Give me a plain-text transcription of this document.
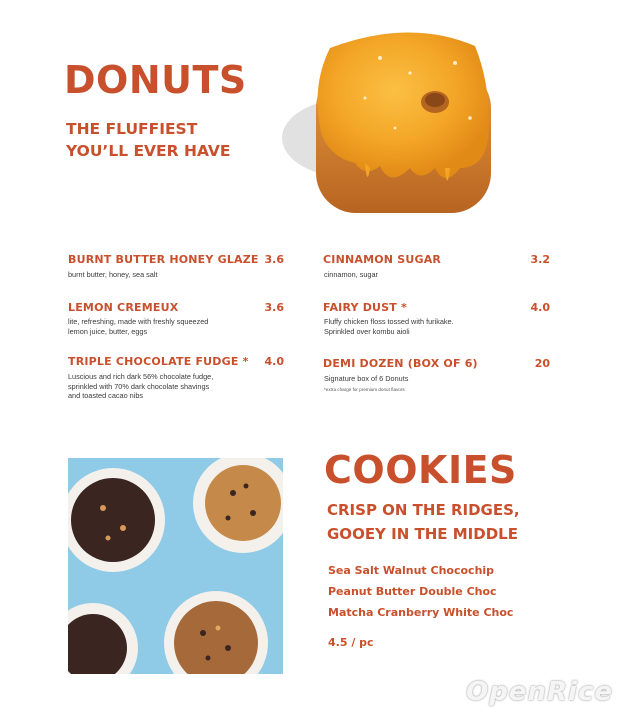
DONUTS
THE FLUFFIEST
YOU’LL EVER HAVE
BURNT BUTTER HONEY GLAZE 3.6
burnt butter, honey, sea salt
LEMON CREMEUX	3.6
lite, refreshing, made with freshly squeezed
lemon juice, butter, eggs
TRIPLE CHOCOLATE FUDGE *	4.0
Luscious and rich dark 56% chocolate fudge,
sprinkled with 70% dark chocolate shavings
and toasted cacao nibs
CINNAMON SUGAR	3.2
cinnamon, sugar
FAIRY DUST *	4.0
Fluffy chicken floss tossed with furikake.
Sprinkled over kombu aioli
DEMI DOZEN (BOX OF 6)	20
Signature box of 6 Donuts
*extra charge for premium donut flavors
COOKIES
CRISP ON THE RIDGES,
GOOEY IN THE MIDDLE
Sea Salt Walnut Chocochip
Peanut Butter Double Choc
Matcha Cranberry White Choc
4.5 / pc
OpenRice
